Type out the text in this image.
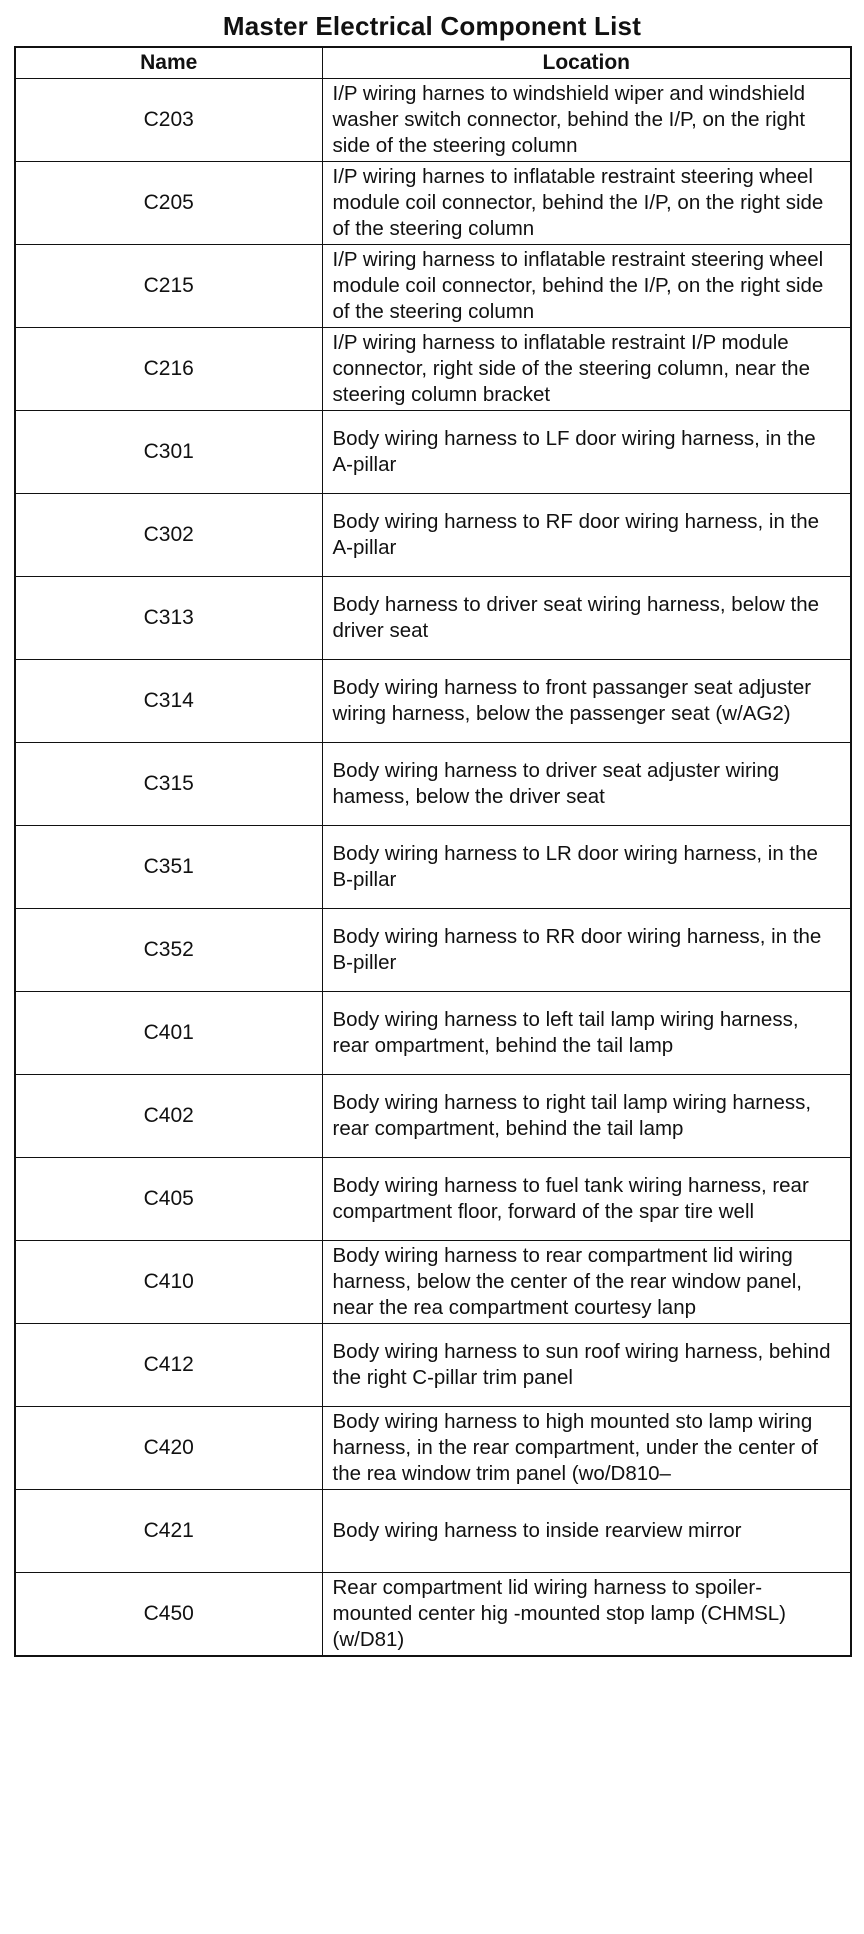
Master Electrical Component List
Name	Location
C203	I/P wiring harnes to windshield wiper and windshield washer switch connector, behind the I/P, on the right side of the steering column
C205	I/P wiring harnes to inflatable restraint steering wheel module coil connector, behind the I/P, on the right side of the steering column
C215	I/P wiring harness to inflatable restraint steering wheel module coil connector, behind the I/P, on the right side of the steering column
C216	I/P wiring harness to inflatable restraint I/P module connector, right side of the steering column, near the steering column bracket
C301	Body wiring harness to LF door wiring harness, in the A-pillar
C302	Body wiring harness to RF door wiring harness, in the A-pillar
C313	Body harness to driver seat wiring harness, below the driver seat
C314	Body wiring harness to front passanger seat adjuster wiring harness, below the passenger seat (w/AG2)
C315	Body wiring harness to driver seat adjuster wiring hamess, below the driver seat
C351	Body wiring harness to LR door wiring harness, in the B-pillar
C352	Body wiring harness to RR door wiring harness, in the B-piller
C401	Body wiring harness to left tail lamp wiring harness, rear ompartment, behind the tail lamp
C402	Body wiring harness to right tail lamp wiring harness, rear compartment, behind the tail lamp
C405	Body wiring harness to fuel tank wiring harness, rear compartment floor, forward of the spar tire well
C410	Body wiring harness to rear compartment lid wiring harness, below the center of the rear window panel, near the rea compartment courtesy lanp
C412	Body wiring harness to sun roof wiring harness, behind the right C-pillar trim panel
C420	Body wiring harness to high mounted sto lamp wiring harness, in the rear compartment, under the center of the rea window trim panel (wo/D810–
C421	Body wiring harness to inside rearview mirror
C450	Rear compartment lid wiring harness to spoiler-mounted center hig -mounted stop lamp (CHMSL) (w/D81)
